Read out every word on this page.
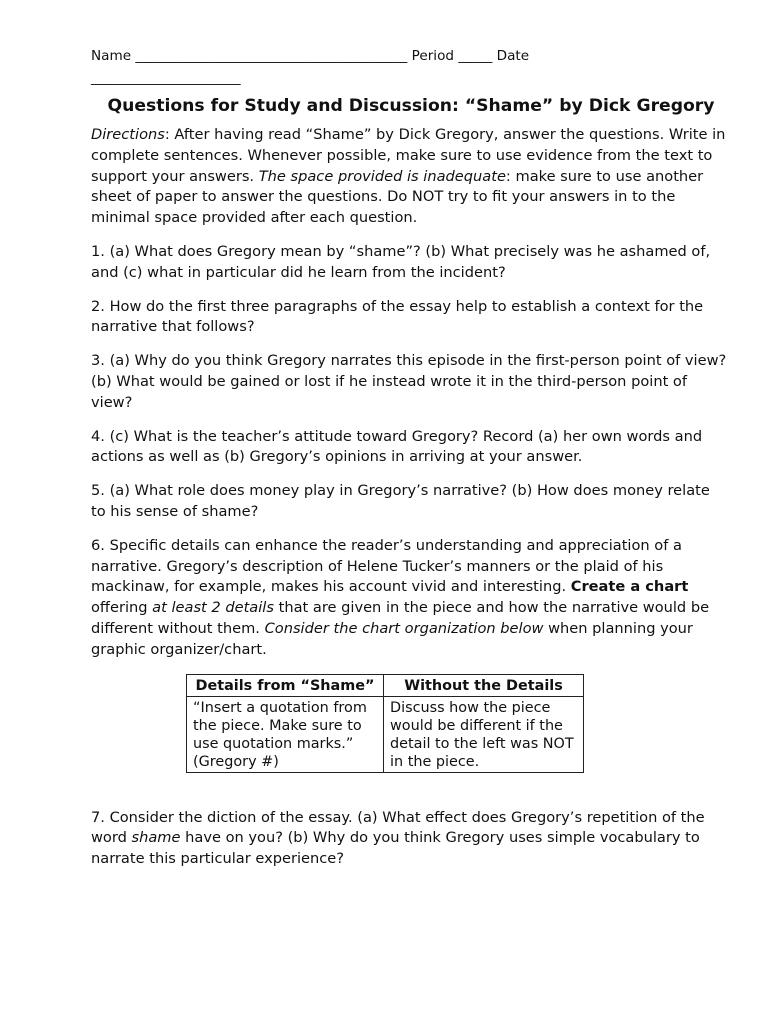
Name ________________________________________ Period _____ Date
______________________
Questions for Study and Discussion: “Shame” by Dick Gregory

Directions: After having read “Shame” by Dick Gregory, answer the questions. Write in complete sentences. Whenever possible, make sure to use evidence from the text to support your answers. The space provided is inadequate: make sure to use another sheet of paper to answer the questions. Do NOT try to fit your answers in to the minimal space provided after each question.

1. (a) What does Gregory mean by “shame”? (b) What precisely was he ashamed of, and (c) what in particular did he learn from the incident?

2. How do the first three paragraphs of the essay help to establish a context for the narrative that follows?

3. (a) Why do you think Gregory narrates this episode in the first-person point of view? (b) What would be gained or lost if he instead wrote it in the third-person point of view?

4. (c) What is the teacher’s attitude toward Gregory? Record (a) her own words and actions as well as (b) Gregory’s opinions in arriving at your answer.

5. (a) What role does money play in Gregory’s narrative? (b) How does money relate to his sense of shame?

6. Specific details can enhance the reader’s understanding and appreciation of a narrative. Gregory’s description of Helene Tucker’s manners or the plaid of his mackinaw, for example, makes his account vivid and interesting. Create a chart offering at least 2 details that are given in the piece and how the narrative would be different without them. Consider the chart organization below when planning your graphic organizer/chart.

Details from “Shame”	Without the Details
“Insert a quotation from the piece. Make sure to use quotation marks.” (Gregory #)	Discuss how the piece would be different if the detail to the left was NOT in the piece.

7. Consider the diction of the essay. (a) What effect does Gregory’s repetition of the word shame have on you? (b) Why do you think Gregory uses simple vocabulary to narrate this particular experience?
